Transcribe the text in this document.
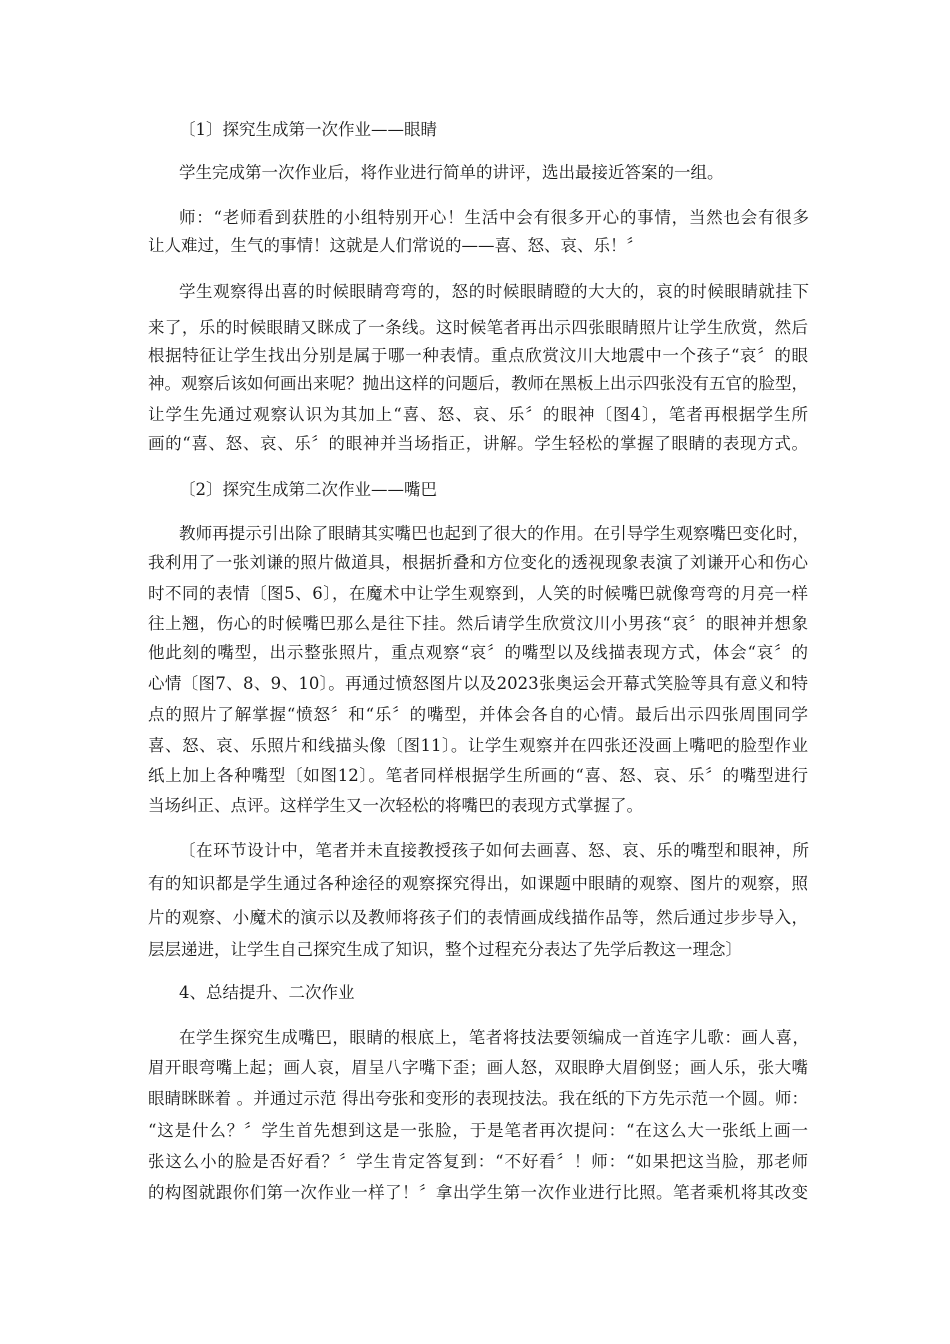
〔1〕探究生成第一次作业——眼睛
学生完成第一次作业后，将作业进行简单的讲评，选出最接近答案的一组。
师：“老师看到获胜的小组特别开心！生活中会有很多开心的事情，当然也会有很多
让人难过，生气的事情！这就是人们常说的——喜、怒、哀、乐！〞
学生观察得出喜的时候眼睛弯弯的，怒的时候眼睛瞪的大大的，哀的时候眼睛就挂下
来了，乐的时候眼睛又眯成了一条线。这时候笔者再出示四张眼睛照片让学生欣赏，然后
根据特征让学生找出分别是属于哪一种表情。重点欣赏汶川大地震中一个孩子“哀〞的眼
神。观察后该如何画出来呢？抛出这样的问题后，教师在黑板上出示四张没有五官的脸型，
让学生先通过观察认识为其加上“喜、怒、哀、乐〞的眼神〔图4〕，笔者再根据学生所
画的“喜、怒、哀、乐〞的眼神并当场指正，讲解。学生轻松的掌握了眼睛的表现方式。
〔2〕探究生成第二次作业——嘴巴
教师再提示引出除了眼睛其实嘴巴也起到了很大的作用。在引导学生观察嘴巴变化时，
我利用了一张刘谦的照片做道具，根据折叠和方位变化的透视现象表演了刘谦开心和伤心
时不同的表情〔图5、6〕，在魔术中让学生观察到，人笑的时候嘴巴就像弯弯的月亮一样
往上翘，伤心的时候嘴巴那么是往下挂。然后请学生欣赏汶川小男孩“哀〞的眼神并想象
他此刻的嘴型，出示整张照片，重点观察“哀〞的嘴型以及线描表现方式，体会“哀〞的
心情〔图7、8、9、10〕。再通过愤怒图片以及2023张奥运会开幕式笑脸等具有意义和特
点的照片了解掌握“愤怒〞和“乐〞的嘴型，并体会各自的心情。最后出示四张周围同学
喜、怒、哀、乐照片和线描头像〔图11〕。让学生观察并在四张还没画上嘴吧的脸型作业
纸上加上各种嘴型〔如图12〕。笔者同样根据学生所画的“喜、怒、哀、乐〞的嘴型进行
当场纠正、点评。这样学生又一次轻松的将嘴巴的表现方式掌握了。
〔在环节设计中，笔者并未直接教授孩子如何去画喜、怒、哀、乐的嘴型和眼神，所
有的知识都是学生通过各种途径的观察探究得出，如课题中眼睛的观察、图片的观察，照
片的观察、小魔术的演示以及教师将孩子们的表情画成线描作品等，然后通过步步导入，
层层递进，让学生自己探究生成了知识，整个过程充分表达了先学后教这一理念〕
4、总结提升、二次作业
在学生探究生成嘴巴，眼睛的根底上，笔者将技法要领编成一首连字儿歌：画人喜，
眉开眼弯嘴上起；画人哀，眉呈八字嘴下歪；画人怒，双眼睁大眉倒竖；画人乐，张大嘴
眼睛眯眯着 。并通过示范 得出夸张和变形的表现技法。我在纸的下方先示范一个圆。师：
“这是什么？〞学生首先想到这是一张脸，于是笔者再次提问：“在这么大一张纸上画一
张这么小的脸是否好看？〞学生肯定答复到：“不好看〞！师：“如果把这当脸，那老师
的构图就跟你们第一次作业一样了！〞拿出学生第一次作业进行比照。笔者乘机将其改变
